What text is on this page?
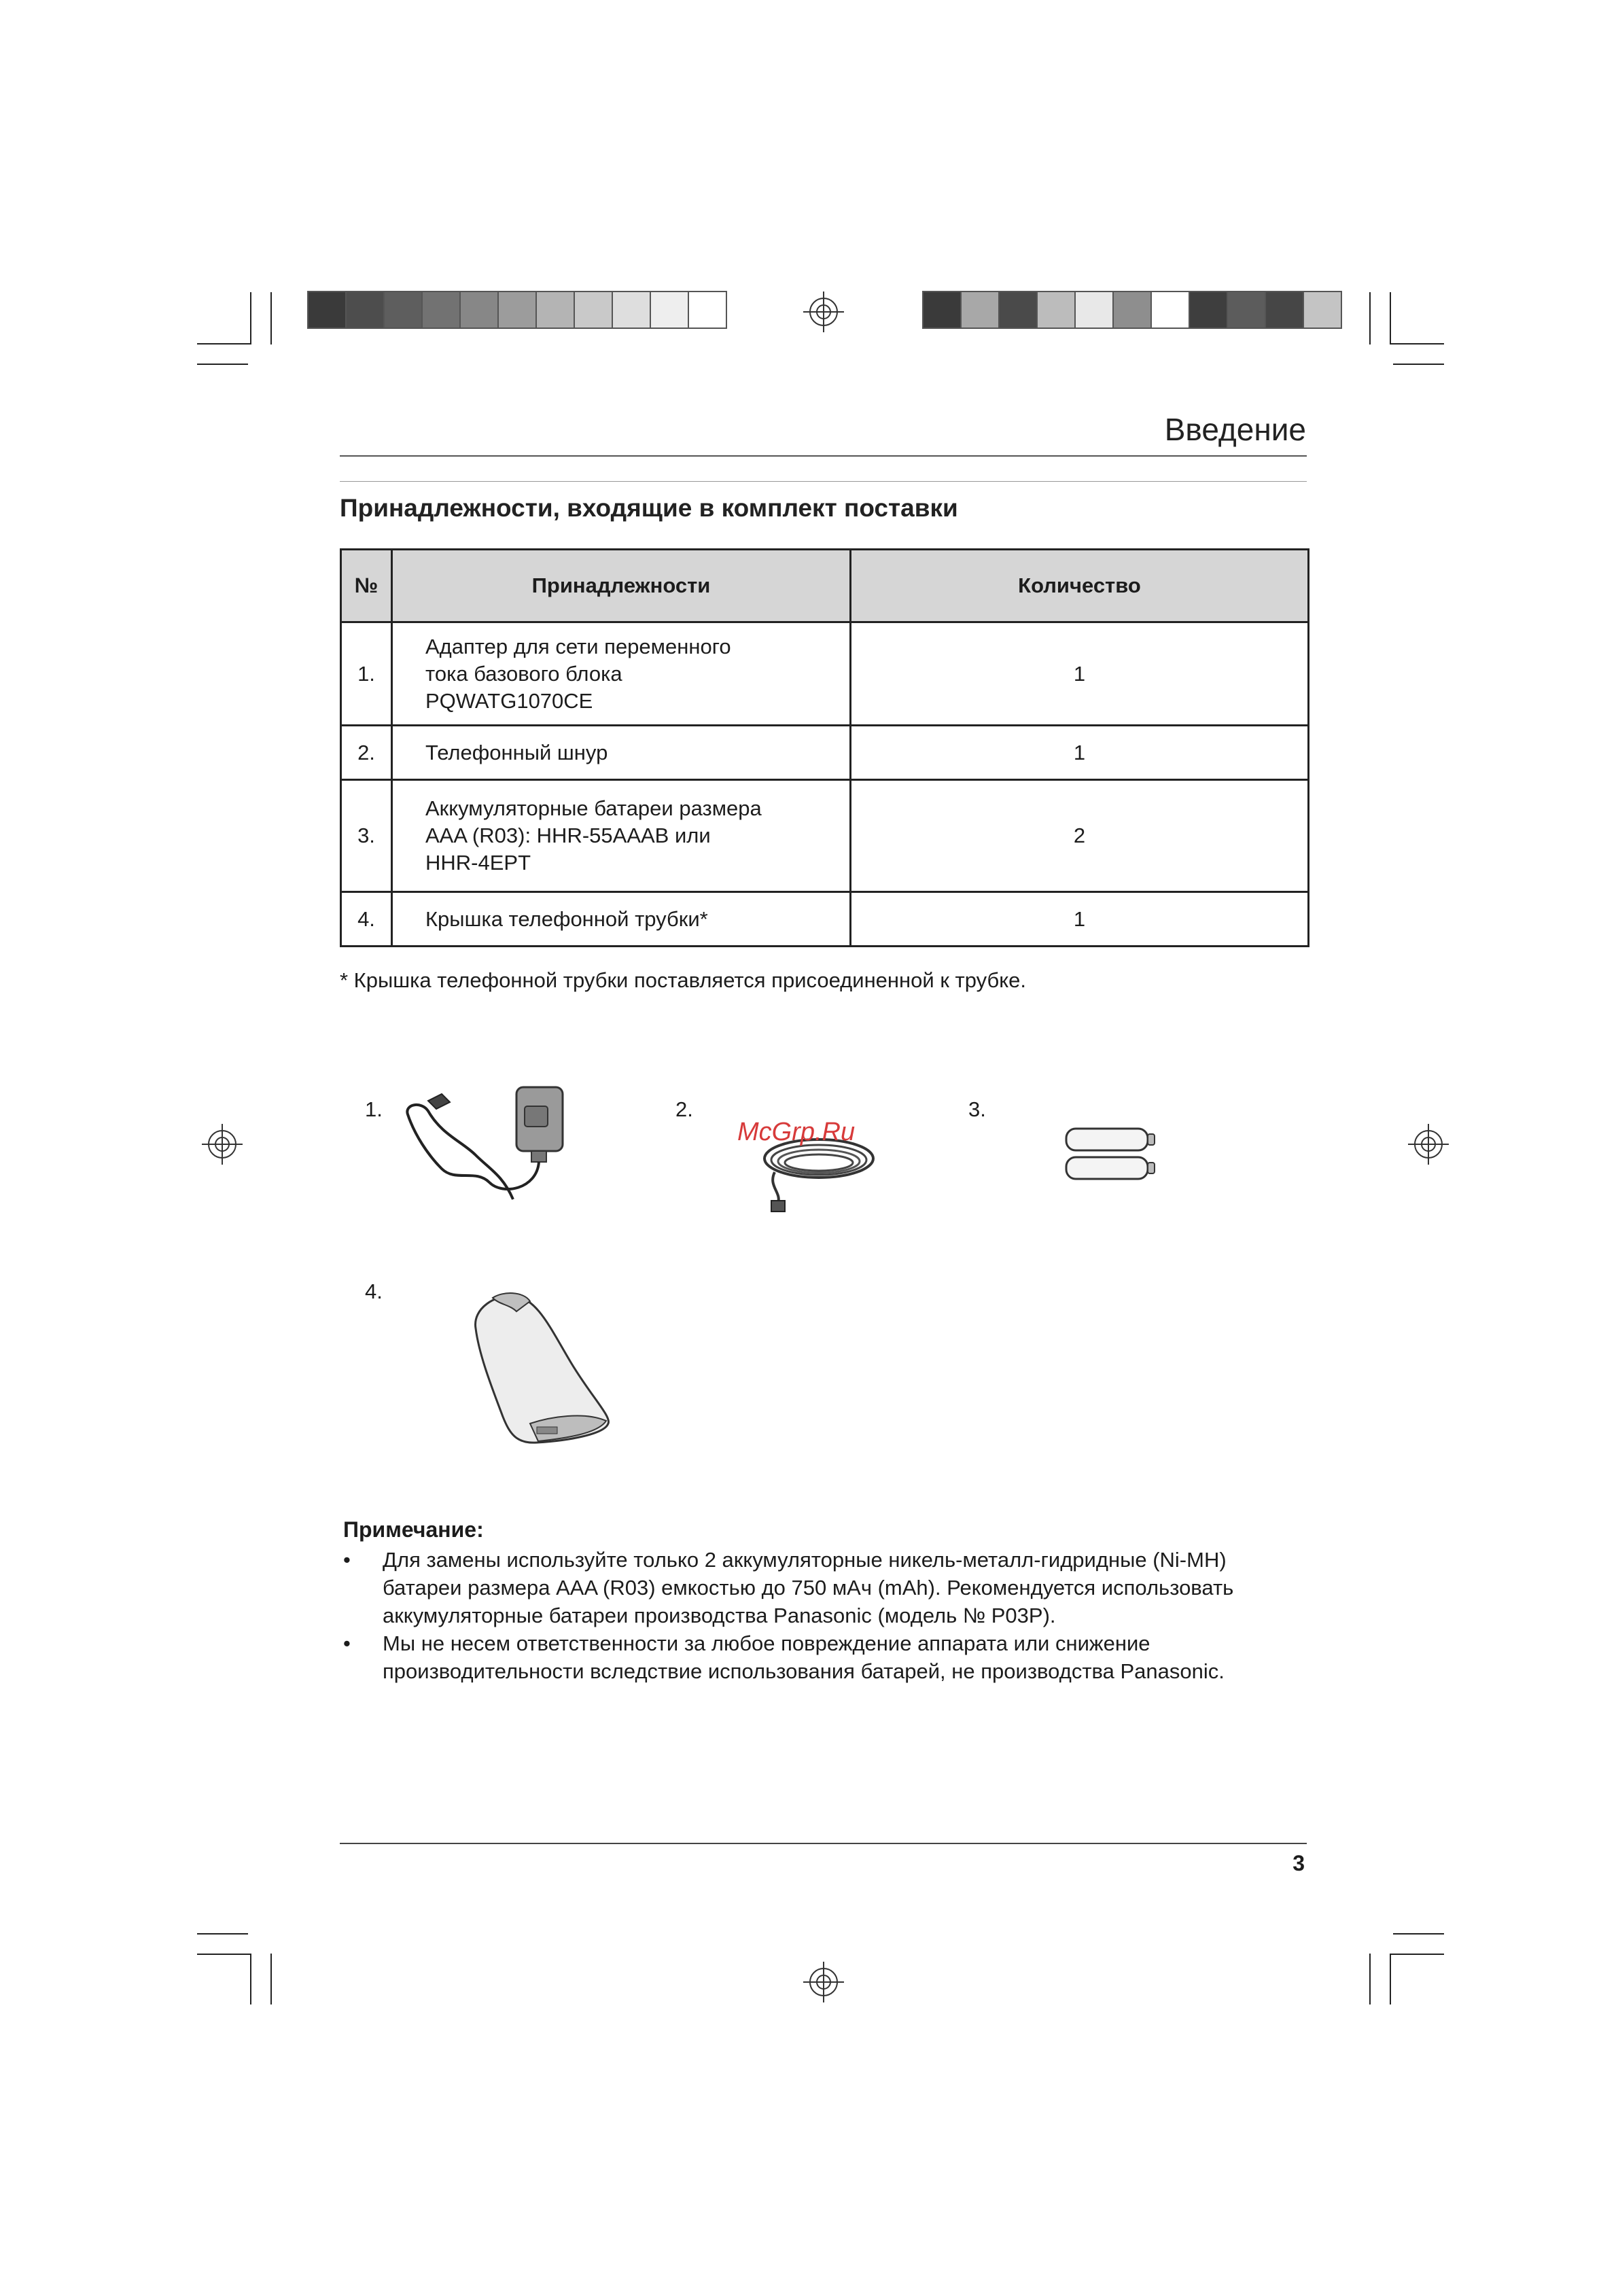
Введение
Принадлежности, входящие в комплект поставки
№	Принадлежности	Количество
1.	Адаптер для сети переменного
тока базового блока
PQWATG1070CE	1
2.	Телефонный шнур	1
3.	Аккумуляторные батареи размера
AAA (R03): HHR-55AAAB или
HHR-4EPT	2
4.	Крышка телефонной трубки*	1
* Крышка телефонной трубки поставляется присоединенной к трубке.
1.	2.	3.
4.
McGrp.Ru
Примечание:
• Для замены используйте только 2 аккумуляторные никель-металл-гидридные (Ni-MH)
батареи размера AAA (R03) емкостью до 750 мАч (mAh). Рекомендуется использовать
аккумуляторные батареи производства Panasonic (модель № P03P).
• Мы не несем ответственности за любое повреждение аппарата или снижение
производительности вследствие использования батарей, не производства Panasonic.
3
